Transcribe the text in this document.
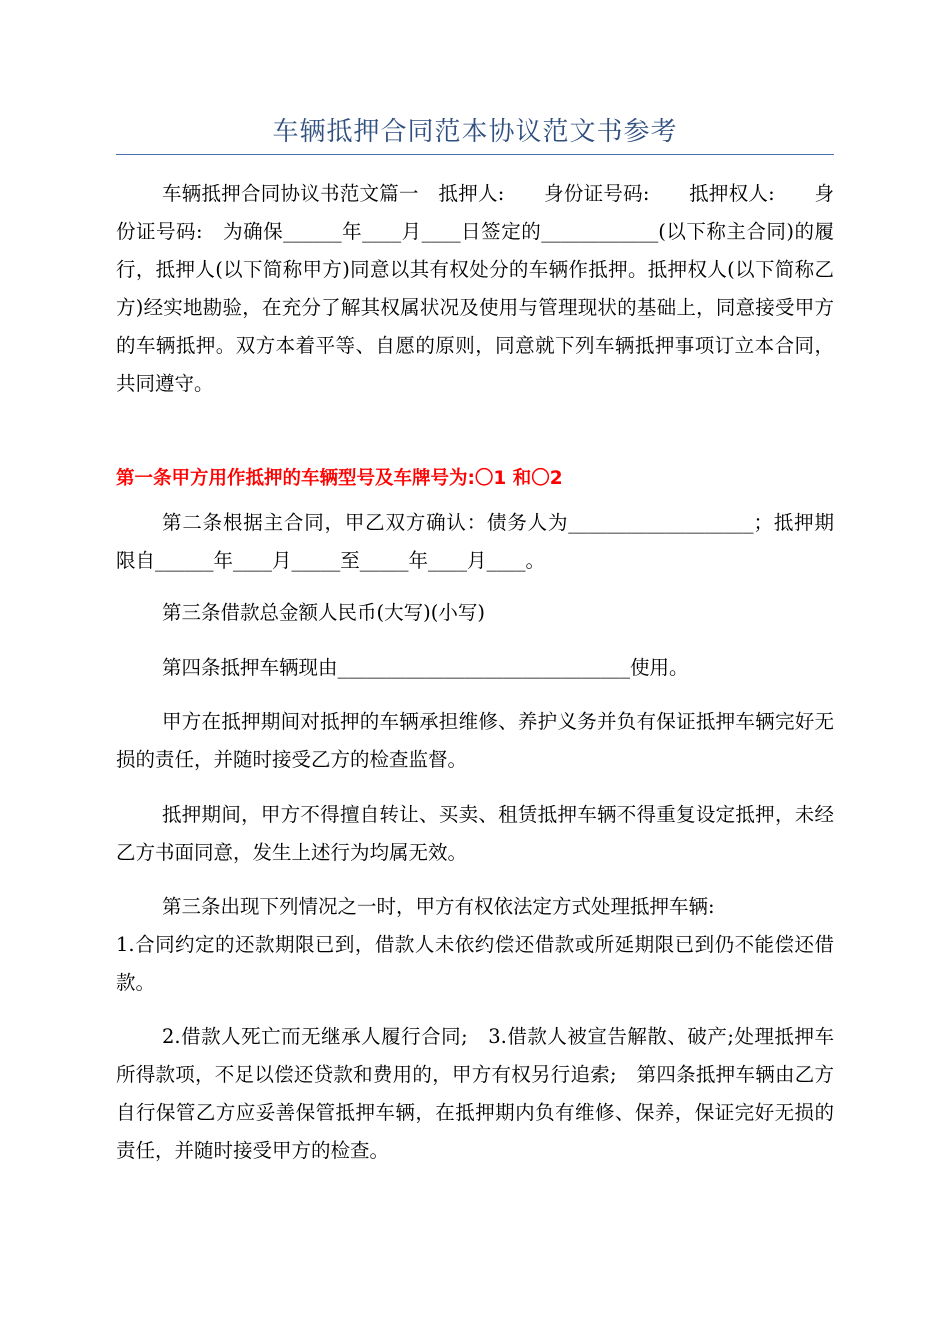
车辆抵押合同范本协议范文书参考

车辆抵押合同协议书范文篇一　抵押人:　　身份证号码:　　抵押权人:　　身份证号码:　为确保______年____月____日签定的____________(以下称主合同)的履行，抵押人(以下简称甲方)同意以其有权处分的车辆作抵押。抵押权人(以下简称乙方)经实地勘验，在充分了解其权属状况及使用与管理现状的基础上，同意接受甲方的车辆抵押。双方本着平等、自愿的原则，同意就下列车辆抵押事项订立本合同，共同遵守。

第一条甲方用作抵押的车辆型号及车牌号为:〇1 和〇2

第二条根据主合同，甲乙双方确认：债务人为___________________；抵押期限自______年____月_____至_____年____月____。

第三条借款总金额人民币(大写)(小写)

第四条抵押车辆现由______________________________使用。

甲方在抵押期间对抵押的车辆承担维修、养护义务并负有保证抵押车辆完好无损的责任，并随时接受乙方的检查监督。

抵押期间，甲方不得擅自转让、买卖、租赁抵押车辆不得重复设定抵押，未经乙方书面同意，发生上述行为均属无效。

第三条出现下列情况之一时，甲方有权依法定方式处理抵押车辆:

1.合同约定的还款期限已到，借款人未依约偿还借款或所延期限已到仍不能偿还借款。

2.借款人死亡而无继承人履行合同;　3.借款人被宣告解散、破产;处理抵押车所得款项，不足以偿还贷款和费用的，甲方有权另行追索;　第四条抵押车辆由乙方自行保管乙方应妥善保管抵押车辆，在抵押期内负有维修、保养，保证完好无损的责任，并随时接受甲方的检查。
